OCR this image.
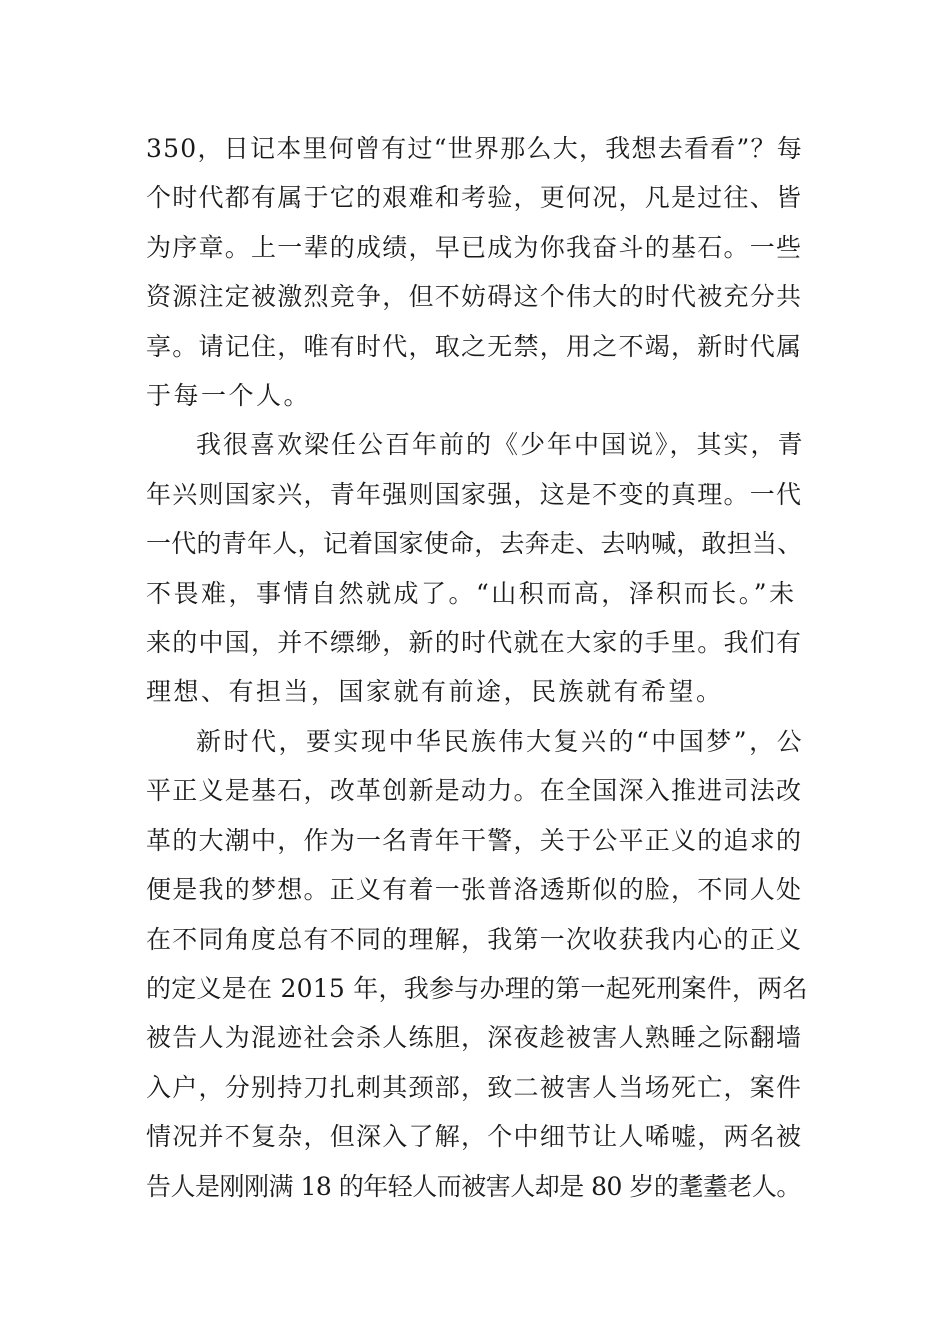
350，日记本里何曾有过“世界那么大，我想去看看”？每
个时代都有属于它的艰难和考验，更何况，凡是过往、皆
为序章。上一辈的成绩，早已成为你我奋斗的基石。一些
资源注定被激烈竞争，但不妨碍这个伟大的时代被充分共
享。请记住，唯有时代，取之无禁，用之不竭，新时代属
于每一个人。

我很喜欢梁任公百年前的《少年中国说》，其实，青
年兴则国家兴，青年强则国家强，这是不变的真理。一代
一代的青年人，记着国家使命，去奔走、去呐喊，敢担当、
不畏难，事情自然就成了。“山积而高，泽积而长。”未
来的中国，并不缥缈，新的时代就在大家的手里。我们有
理想、有担当，国家就有前途，民族就有希望。

新时代，要实现中华民族伟大复兴的“中国梦”，公
平正义是基石，改革创新是动力。在全国深入推进司法改
革的大潮中，作为一名青年干警，关于公平正义的追求的
便是我的梦想。正义有着一张普洛透斯似的脸，不同人处
在不同角度总有不同的理解，我第一次收获我内心的正义
的定义是在 2015 年，我参与办理的第一起死刑案件，两名
被告人为混迹社会杀人练胆，深夜趁被害人熟睡之际翻墙
入户，分别持刀扎刺其颈部，致二被害人当场死亡，案件
情况并不复杂，但深入了解，个中细节让人唏嘘，两名被
告人是刚刚满 18 的年轻人而被害人却是 80 岁的耄耋老人。
